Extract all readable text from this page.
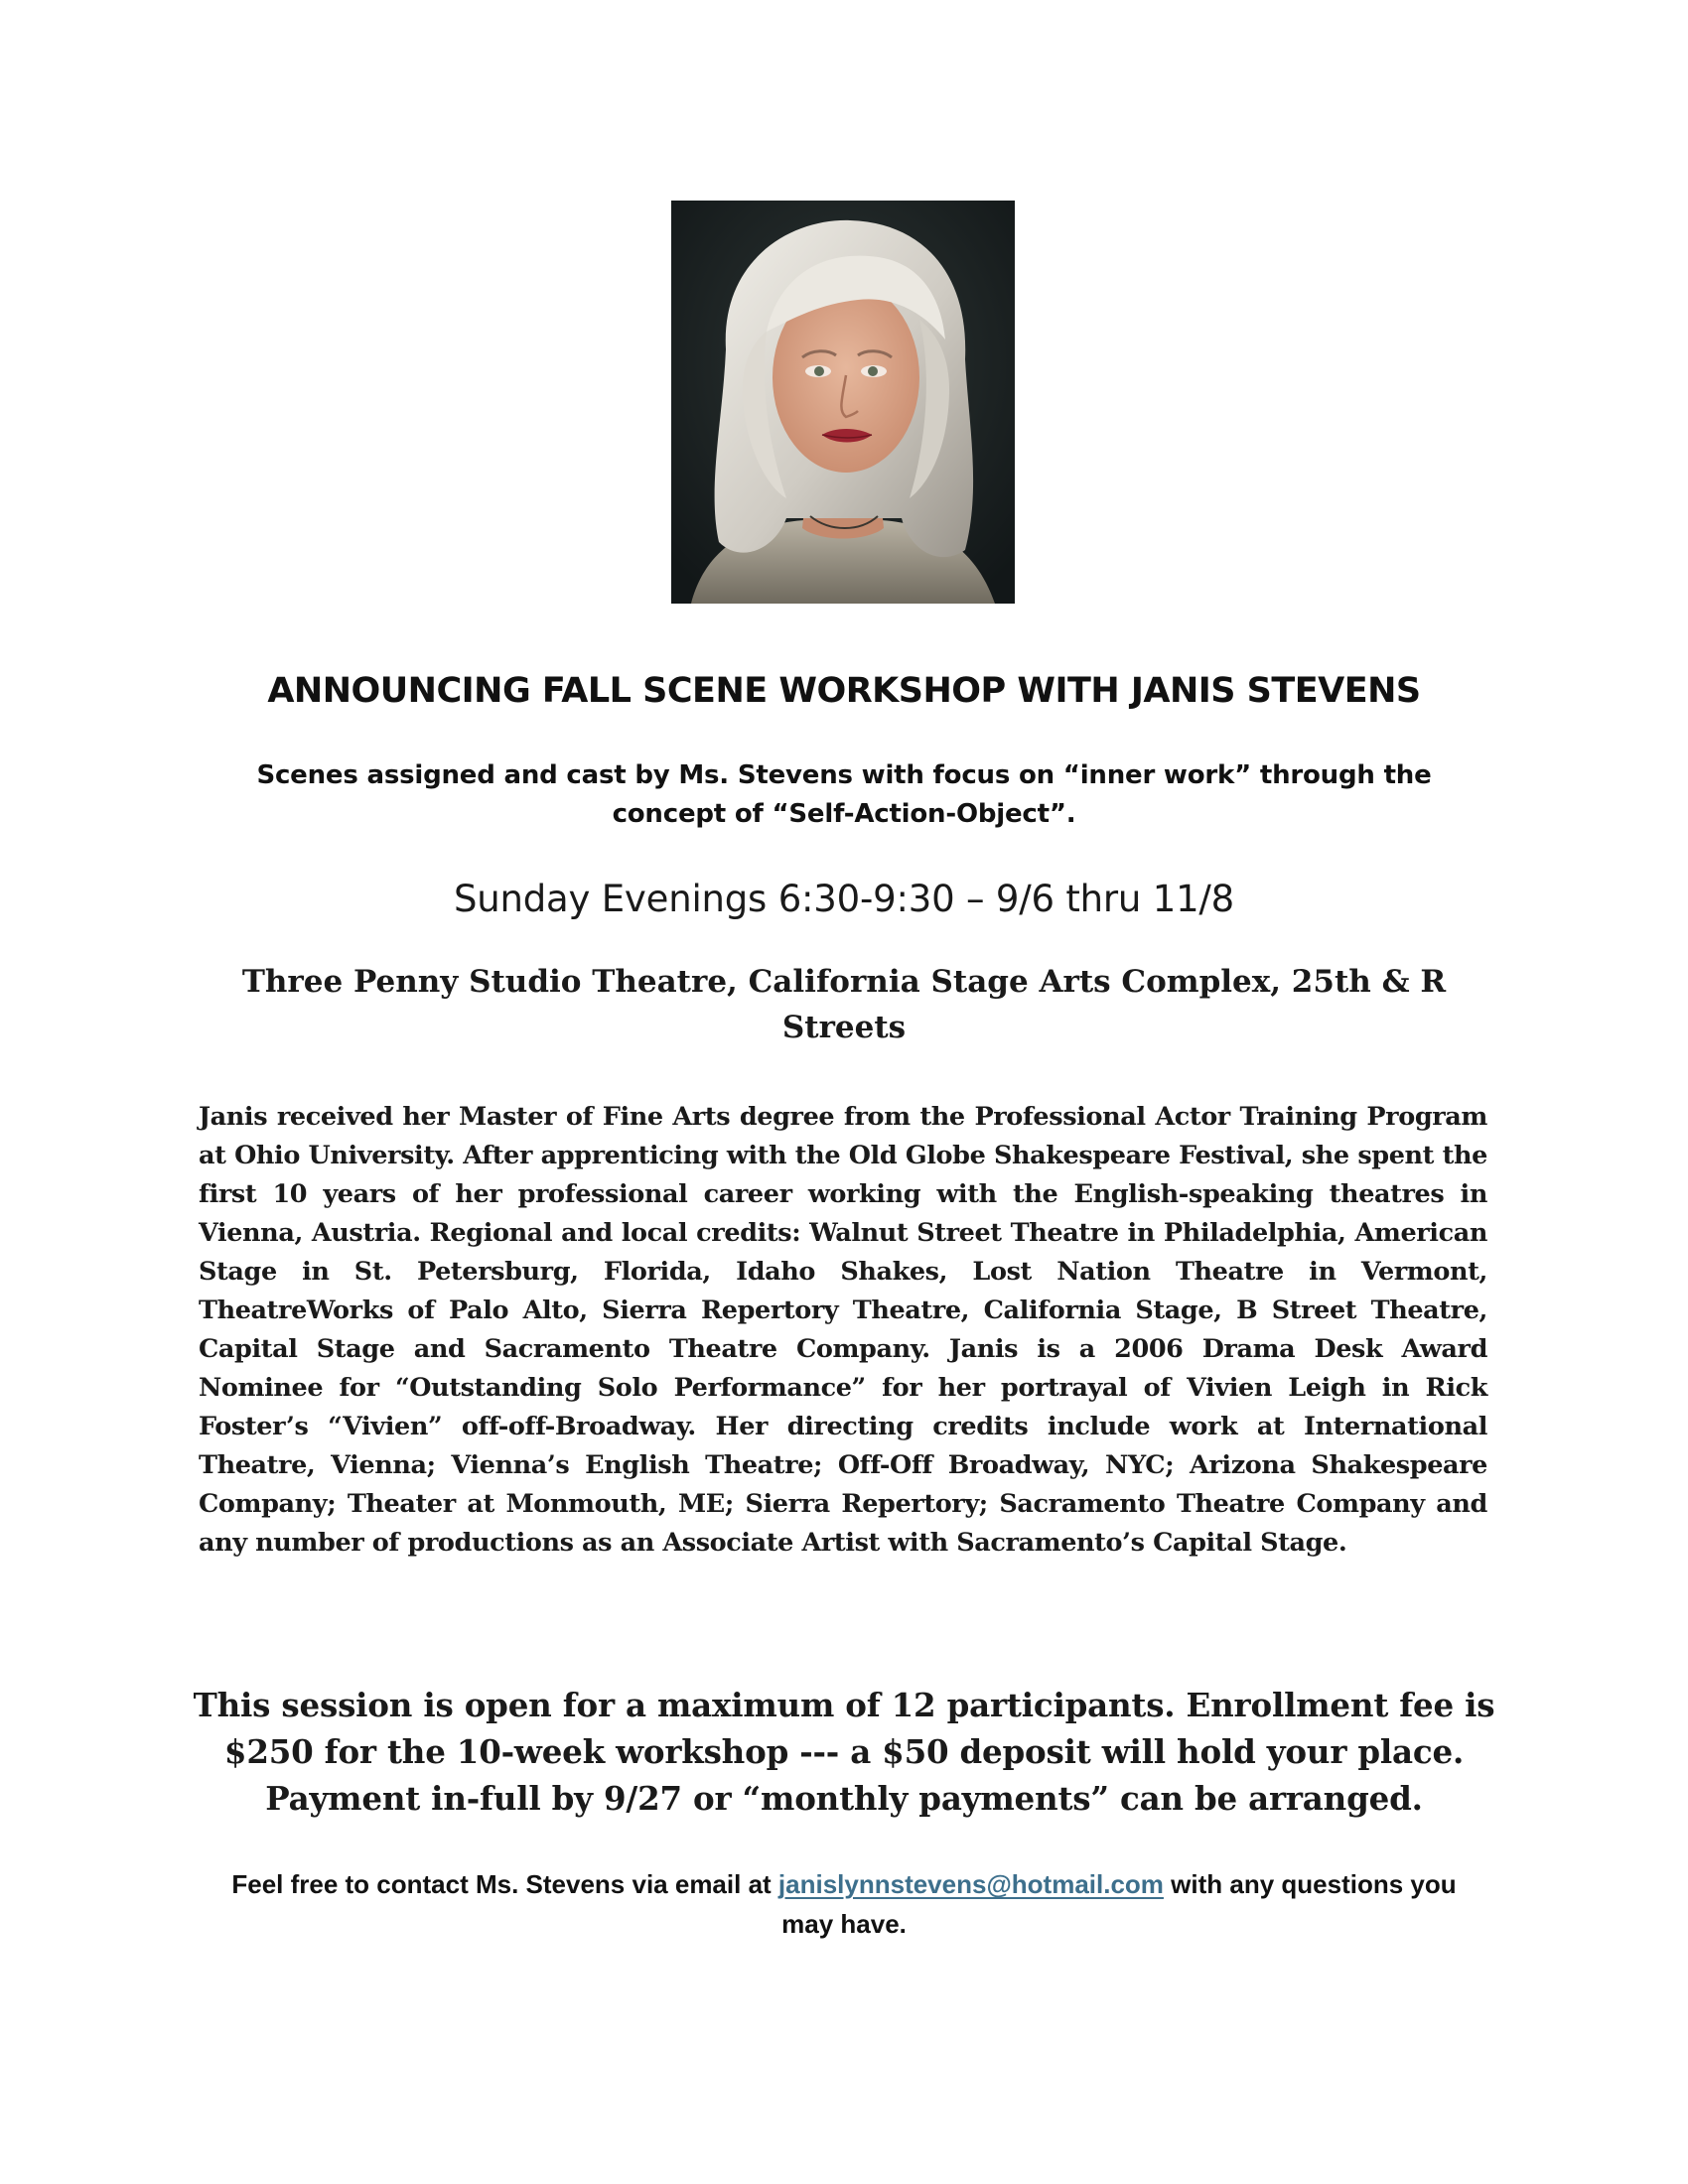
ANNOUNCING FALL SCENE WORKSHOP WITH JANIS STEVENS
Scenes assigned and cast by Ms. Stevens with focus on “inner work” through the concept of “Self-Action-Object”.
Sunday Evenings 6:30-9:30 – 9/6 thru 11/8
Three Penny Studio Theatre, California Stage Arts Complex, 25th & R Streets
Janis received her Master of Fine Arts degree from the Professional Actor Training Program at Ohio University. After apprenticing with the Old Globe Shakespeare Festival, she spent the first 10 years of her professional career working with the English-speaking theatres in Vienna, Austria. Regional and local credits: Walnut Street Theatre in Philadelphia, American Stage in St. Petersburg, Florida, Idaho Shakes, Lost Nation Theatre in Vermont, TheatreWorks of Palo Alto, Sierra Repertory Theatre, California Stage, B Street Theatre, Capital Stage and Sacramento Theatre Company. Janis is a 2006 Drama Desk Award Nominee for “Outstanding Solo Performance” for her portrayal of Vivien Leigh in Rick Foster’s “Vivien” off-off-Broadway. Her directing credits include work at International Theatre, Vienna; Vienna’s English Theatre; Off-Off Broadway, NYC; Arizona Shakespeare Company; Theater at Monmouth, ME; Sierra Repertory; Sacramento Theatre Company and any number of productions as an Associate Artist with Sacramento’s Capital Stage.
This session is open for a maximum of 12 participants. Enrollment fee is $250 for the 10-week workshop --- a $50 deposit will hold your place. Payment in-full by 9/27 or “monthly payments” can be arranged.
Feel free to contact Ms. Stevens via email at janislynnstevens@hotmail.com with any questions you may have.
